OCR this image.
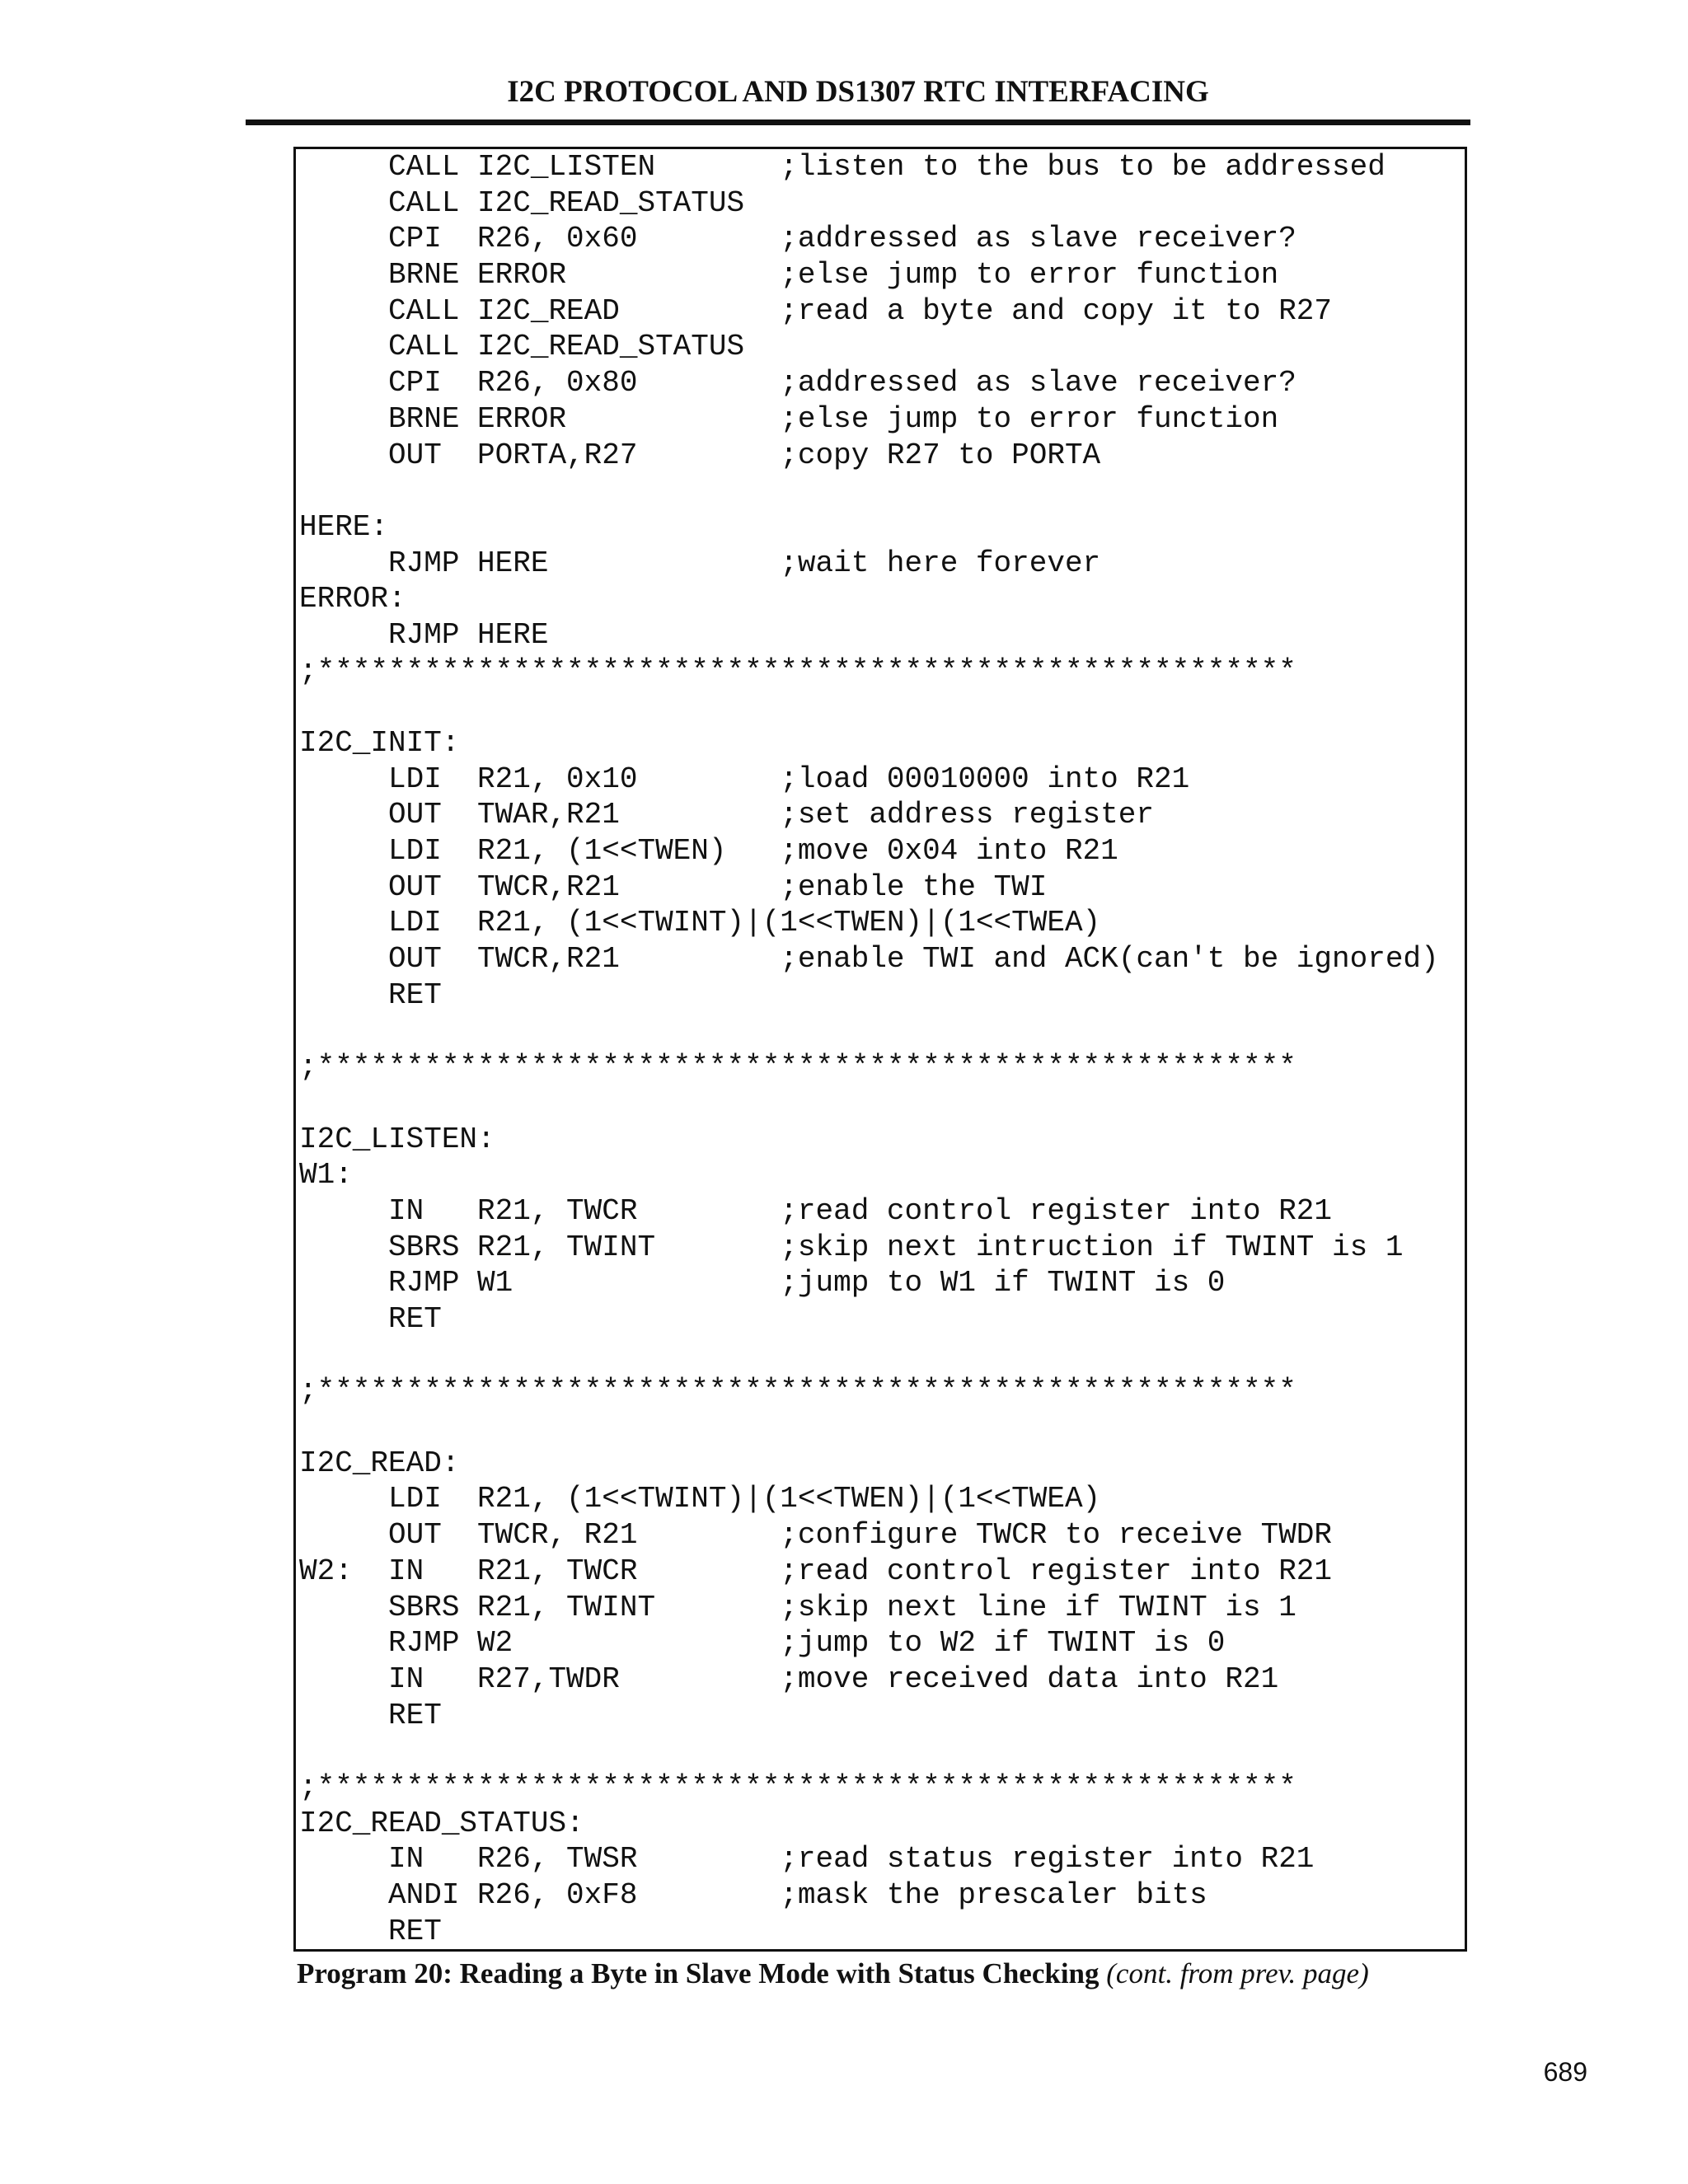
I2C PROTOCOL AND DS1307 RTC INTERFACING
CALL I2C_LISTEN       ;listen to the bus to be addressed
CALL I2C_READ_STATUS
CPI  R26, 0x60        ;addressed as slave receiver?
BRNE ERROR            ;else jump to error function
CALL I2C_READ         ;read a byte and copy it to R27
CALL I2C_READ_STATUS
CPI  R26, 0x80        ;addressed as slave receiver?
BRNE ERROR            ;else jump to error function
OUT  PORTA,R27        ;copy R27 to PORTA
HERE:
RJMP HERE             ;wait here forever
ERROR:
RJMP HERE
;*******************************************************
I2C_INIT:
LDI  R21, 0x10        ;load 00010000 into R21
OUT  TWAR,R21         ;set address register
LDI  R21, (1<<TWEN)   ;move 0x04 into R21
OUT  TWCR,R21         ;enable the TWI
LDI  R21, (1<<TWINT)|(1<<TWEN)|(1<<TWEA)
OUT  TWCR,R21         ;enable TWI and ACK(can't be ignored)
RET
;*******************************************************
I2C_LISTEN:
W1:
IN   R21, TWCR        ;read control register into R21
SBRS R21, TWINT       ;skip next intruction if TWINT is 1
RJMP W1               ;jump to W1 if TWINT is 0
RET
;*******************************************************
I2C_READ:
LDI  R21, (1<<TWINT)|(1<<TWEN)|(1<<TWEA)
OUT  TWCR, R21        ;configure TWCR to receive TWDR
W2:  IN   R21, TWCR        ;read control register into R21
SBRS R21, TWINT       ;skip next line if TWINT is 1
RJMP W2               ;jump to W2 if TWINT is 0
IN   R27,TWDR         ;move received data into R21
RET
;*******************************************************
I2C_READ_STATUS:
IN   R26, TWSR        ;read status register into R21
ANDI R26, 0xF8        ;mask the prescaler bits
RET
Program 20: Reading a Byte in Slave Mode with Status Checking (cont. from prev. page)
689
